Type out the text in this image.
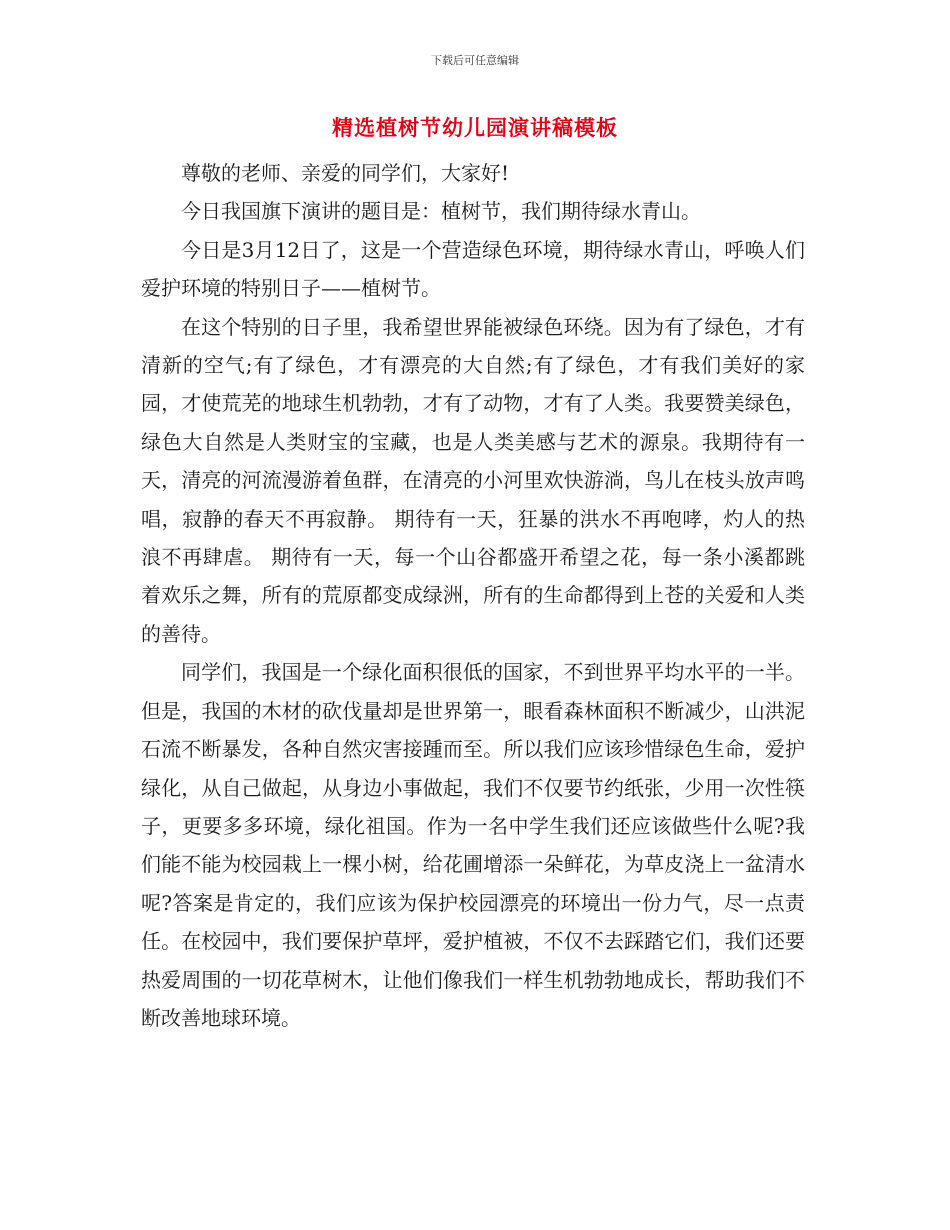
下载后可任意编辑
精选植树节幼儿园演讲稿模板

尊敬的老师、亲爱的同学们，大家好!

今日我国旗下演讲的题目是：植树节，我们期待绿水青山。

今日是3月12日了，这是一个营造绿色环境，期待绿水青山，呼唤人们爱护环境的特别日子——植树节。

在这个特别的日子里，我希望世界能被绿色环绕。因为有了绿色，才有清新的空气;有了绿色，才有漂亮的大自然;有了绿色，才有我们美好的家园，才使荒芜的地球生机勃勃，才有了动物，才有了人类。我要赞美绿色，绿色大自然是人类财宝的宝藏，也是人类美感与艺术的源泉。我期待有一天，清亮的河流漫游着鱼群，在清亮的小河里欢快游淌，鸟儿在枝头放声鸣唱，寂静的春天不再寂静。 期待有一天，狂暴的洪水不再咆哮，灼人的热浪不再肆虐。 期待有一天，每一个山谷都盛开希望之花，每一条小溪都跳着欢乐之舞，所有的荒原都变成绿洲，所有的生命都得到上苍的关爱和人类的善待。

同学们，我国是一个绿化面积很低的国家，不到世界平均水平的一半。但是，我国的木材的砍伐量却是世界第一，眼看森林面积不断减少，山洪泥石流不断暴发，各种自然灾害接踵而至。所以我们应该珍惜绿色生命，爱护绿化，从自己做起，从身边小事做起，我们不仅要节约纸张，少用一次性筷子，更要多多环境，绿化祖国。作为一名中学生我们还应该做些什么呢?我们能不能为校园栽上一棵小树，给花圃增添一朵鲜花，为草皮浇上一盆清水呢?答案是肯定的，我们应该为保护校园漂亮的环境出一份力气，尽一点责任。在校园中，我们要保护草坪，爱护植被，不仅不去踩踏它们，我们还要热爱周围的一切花草树木，让他们像我们一样生机勃勃地成长，帮助我们不断改善地球环境。
